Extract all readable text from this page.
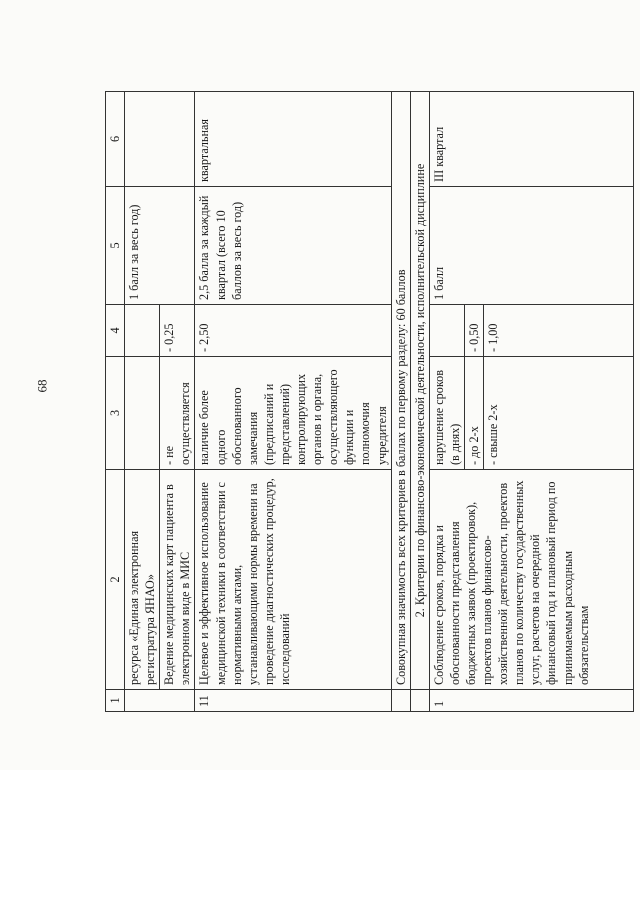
68
1	2	3	4	5	6
	ресурса «Единая электронная регистратура ЯНАО»			1 балл за весь год)	
	Ведение медицинских карт пациента в электронном виде в МИС	- не осуществляется	- 0,25		
11	Целевое и эффективное использование медицинской техники в соответствии с нормативными актами, устанавливающими нормы времени на проведение диагностических процедур, исследований	наличие более одного обоснованного замечания (предписаний и представлений) контролирующих органов и органа, осуществляющего функции и полномочия учредителя	- 2,50	2,5 балла за каждый квартал (всего 10 баллов за весь год)	квартальная
	Совокупная значимость всех критериев в баллах по первому разделу: 60 баллов				
	2. Критерии по финансово-экономической деятельности, исполнительской дисциплине				
1	Соблюдение сроков, порядка и обоснованности представления бюджетных заявок (проектировок), проектов планов финансово-хозяйственной деятельности, проектов планов по количеству государственных услуг, расчетов на очередной финансовый год и плановый период по принимаемым расходным обязательствам	нарушение сроков (в днях)		1 балл	III квартал
		- до 2-х	- 0,50		
		- свыше 2-х	- 1,00		
